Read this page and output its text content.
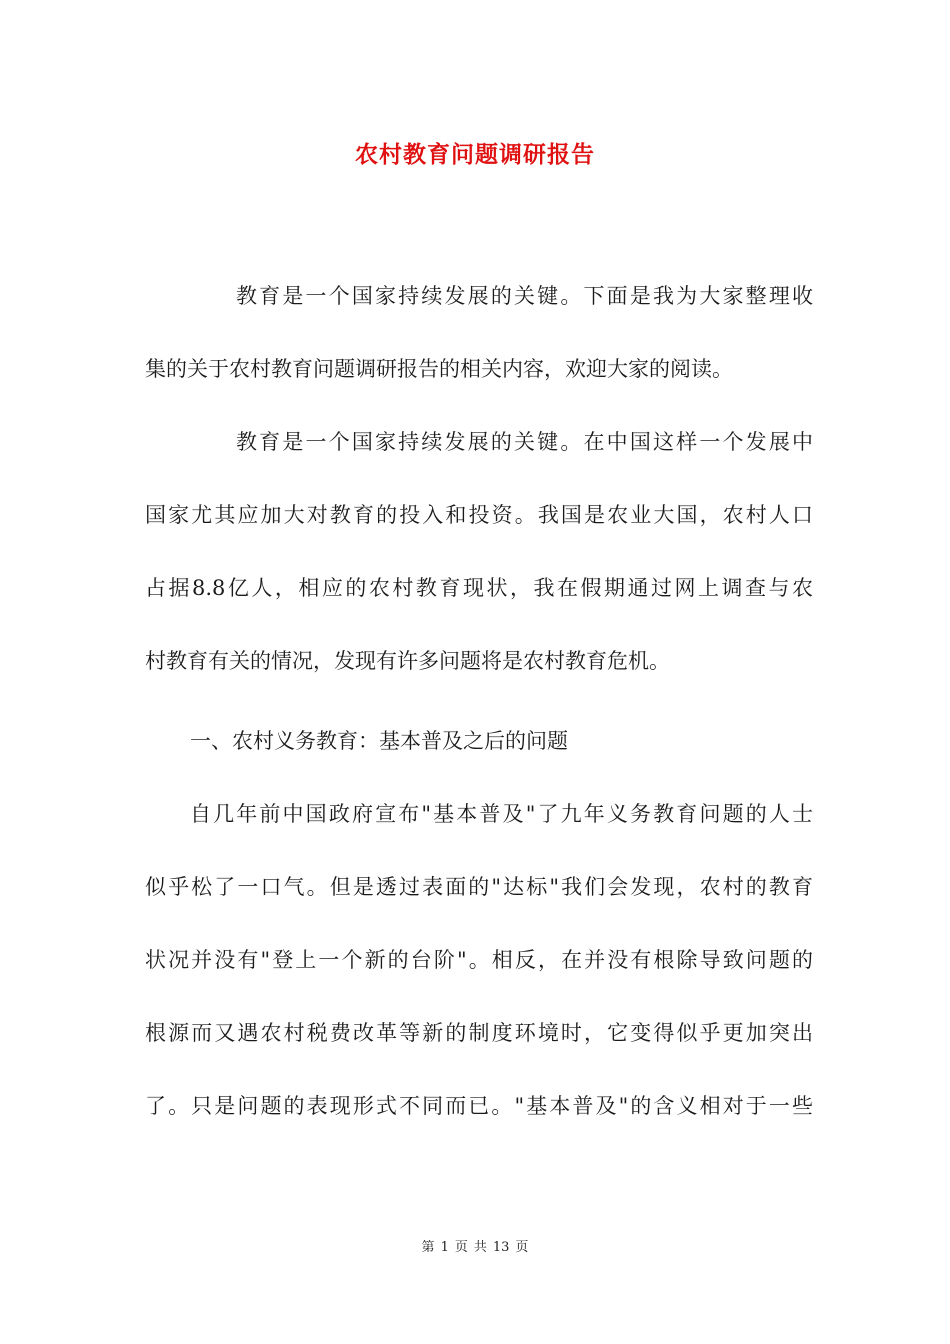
农村教育问题调研报告

教育是一个国家持续发展的关键。下面是我为大家整理收

集的关于农村教育问题调研报告的相关内容，欢迎大家的阅读。

教育是一个国家持续发展的关键。在中国这样一个发展中

国家尤其应加大对教育的投入和投资。我国是农业大国，农村人口

占据8.8亿人，相应的农村教育现状，我在假期通过网上调查与农

村教育有关的情况，发现有许多问题将是农村教育危机。

一、农村义务教育：基本普及之后的问题

自几年前中国政府宣布"基本普及"了九年义务教育问题的人士

似乎松了一口气。但是透过表面的"达标"我们会发现，农村的教育

状况并没有"登上一个新的台阶"。相反，在并没有根除导致问题的

根源而又遇农村税费改革等新的制度环境时，它变得似乎更加突出

了。只是问题的表现形式不同而已。"基本普及"的含义相对于一些

第 1 页 共 13 页
